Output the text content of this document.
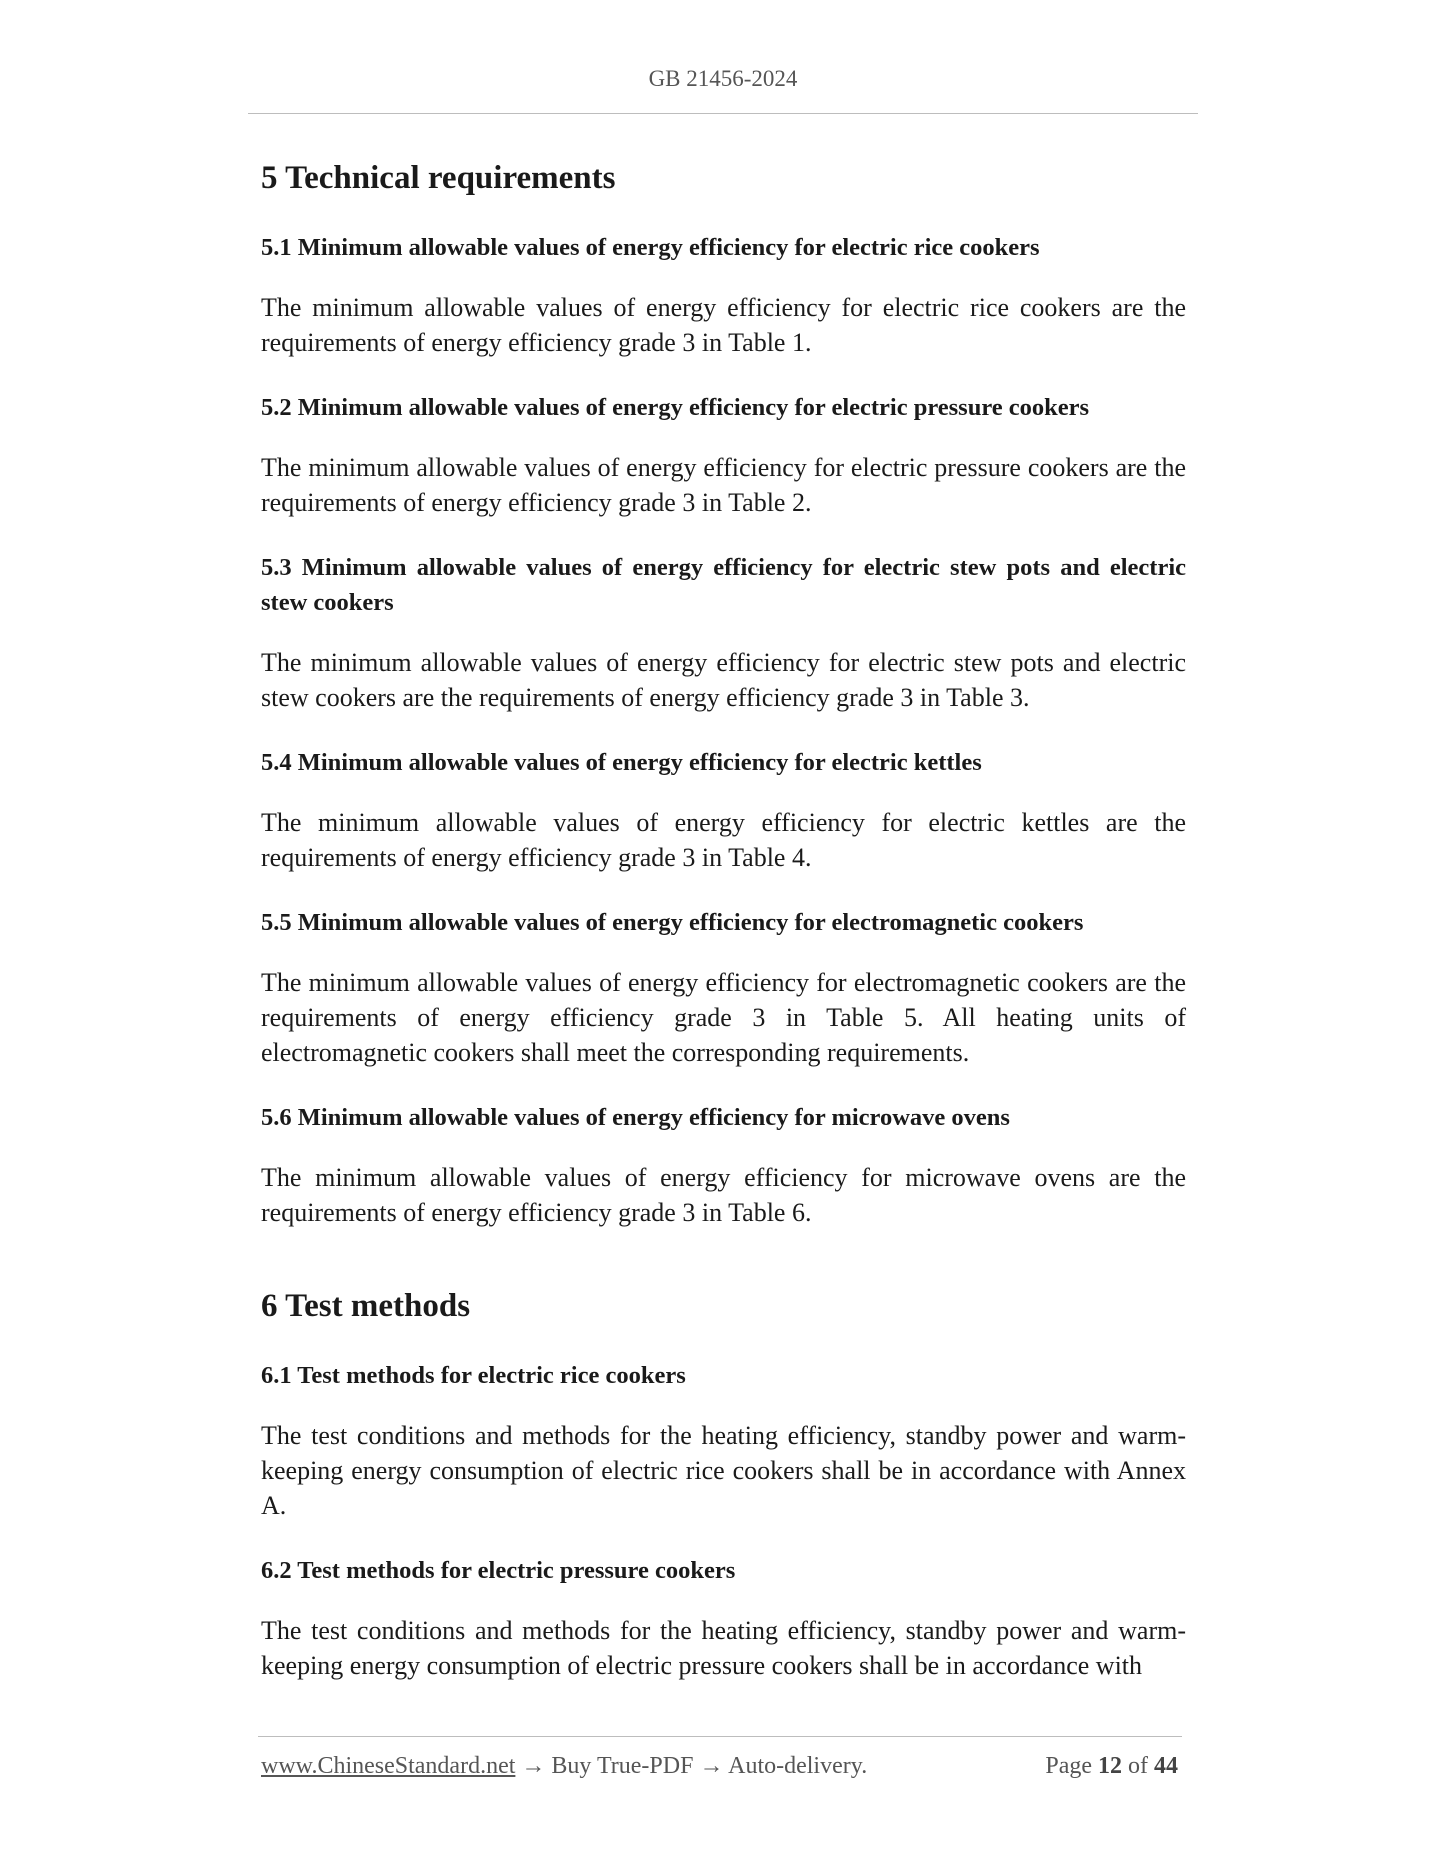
GB 21456-2024
5 Technical requirements
5.1 Minimum allowable values of energy efficiency for electric rice cookers

The minimum allowable values of energy efficiency for electric rice cookers are the requirements of energy efficiency grade 3 in Table 1.

5.2 Minimum allowable values of energy efficiency for electric pressure cookers

The minimum allowable values of energy efficiency for electric pressure cookers are the requirements of energy efficiency grade 3 in Table 2.

5.3 Minimum allowable values of energy efficiency for electric stew pots and electric stew cookers

The minimum allowable values of energy efficiency for electric stew pots and electric stew cookers are the requirements of energy efficiency grade 3 in Table 3.

5.4 Minimum allowable values of energy efficiency for electric kettles

The minimum allowable values of energy efficiency for electric kettles are the requirements of energy efficiency grade 3 in Table 4.

5.5 Minimum allowable values of energy efficiency for electromagnetic cookers

The minimum allowable values of energy efficiency for electromagnetic cookers are the requirements of energy efficiency grade 3 in Table 5. All heating units of electromagnetic cookers shall meet the corresponding requirements.

5.6 Minimum allowable values of energy efficiency for microwave ovens

The minimum allowable values of energy efficiency for microwave ovens are the requirements of energy efficiency grade 3 in Table 6.

6 Test methods
6.1 Test methods for electric rice cookers

The test conditions and methods for the heating efficiency, standby power and warm-keeping energy consumption of electric rice cookers shall be in accordance with Annex A.

6.2 Test methods for electric pressure cookers

The test conditions and methods for the heating efficiency, standby power and warm-keeping energy consumption of electric pressure cookers shall be in accordance with

www.ChineseStandard.net → Buy True-PDF → Auto-delivery.	Page 12 of 44
